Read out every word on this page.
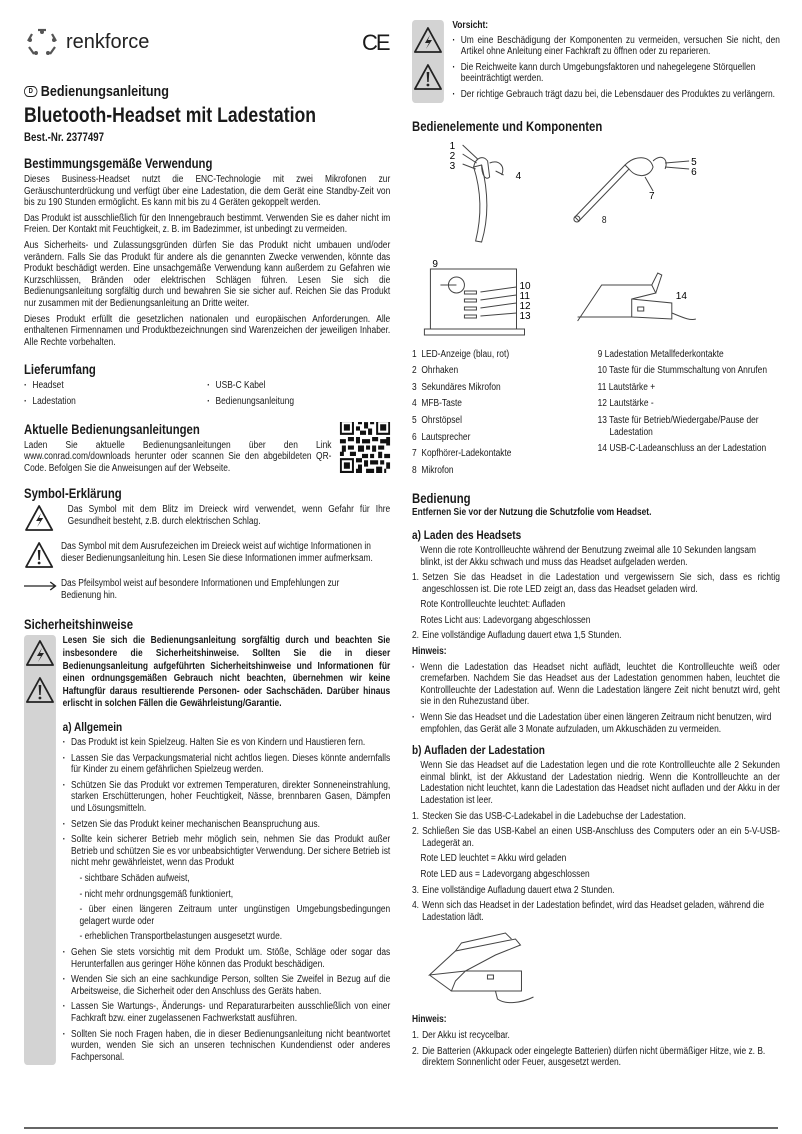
renkforce	CE
D Bedienungsanleitung
Bluetooth-Headset mit Ladestation
Best.-Nr. 2377497
Bestimmungsgemäße Verwendung

Dieses Business-Headset nutzt die ENC-Technologie mit zwei Mikrofonen zur Geräuschunterdrückung und verfügt über eine Ladestation, die dem Gerät eine Standby-Zeit von bis zu 190 Stunden ermöglicht. Es kann mit bis zu 4 Geräten gekoppelt werden.

Das Produkt ist ausschließlich für den Innengebrauch bestimmt. Verwenden Sie es daher nicht im Freien. Der Kontakt mit Feuchtigkeit, z. B. im Badezimmer, ist unbedingt zu vermeiden.

Aus Sicherheits- und Zulassungsgründen dürfen Sie das Produkt nicht umbauen und/oder verändern. Falls Sie das Produkt für andere als die genannten Zwecke verwenden, könnte das Produkt beschädigt werden. Eine unsachgemäße Verwendung kann außerdem zu Gefahren wie Kurzschlüssen, Bränden oder elektrischen Schlägen führen. Lesen Sie sich die Bedienungsanleitung sorgfältig durch und bewahren Sie sie sicher auf. Reichen Sie das Produkt nur zusammen mit der Bedienungsanleitung an Dritte weiter.

Dieses Produkt erfüllt die gesetzlichen nationalen und europäischen Anforderungen. Alle enthaltenen Firmennamen und Produktbezeichnungen sind Warenzeichen der jeweiligen Inhaber. Alle Rechte vorbehalten.

Lieferumfang
· Headset
· Ladestation
· USB-C Kabel
· Bedienungsanleitung
Aktuelle Bedienungsanleitungen

Laden Sie aktuelle Bedienungsanleitungen über den Link www.conrad.com/downloads herunter oder scannen Sie den abgebildeten QR-Code. Befolgen Sie die Anweisungen auf der Webseite.

Symbol-Erklärung

Das Symbol mit dem Blitz im Dreieck wird verwendet, wenn Gefahr für Ihre Gesundheit besteht, z.B. durch elektrischen Schlag.

Das Symbol mit dem Ausrufezeichen im Dreieck weist auf wichtige Informationen in dieser Bedienungsanleitung hin. Lesen Sie diese Informationen immer aufmerksam.

Das Pfeilsymbol weist auf besondere Informationen und Empfehlungen zur Bedienung hin.

Sicherheitshinweise

Lesen Sie sich die Bedienungsanleitung sorgfältig durch und beachten Sie insbesondere die Sicherheitshinweise. Sollten Sie die in dieser Bedienungsanleitung aufgeführten Sicherheitshinweise und Informationen für einen ordnungsgemäßen Gebrauch nicht beachten, übernehmen wir keine Haftungfür daraus resultierende Personen- oder Sachschäden. Darüber hinaus erlischt in solchen Fällen die Gewährleistung/Garantie.

a) Allgemein
· Das Produkt ist kein Spielzeug. Halten Sie es von Kindern und Haustieren fern.
· Lassen Sie das Verpackungsmaterial nicht achtlos liegen. Dieses könnte andernfalls für Kinder zu einem gefährlichen Spielzeug werden.
· Schützen Sie das Produkt vor extremen Temperaturen, direkter Sonneneinstrahlung, starken Erschütterungen, hoher Feuchtigkeit, Nässe, brennbaren Gasen, Dämpfen und Lösungsmitteln.
· Setzen Sie das Produkt keiner mechanischen Beanspruchung aus.
· Sollte kein sicherer Betrieb mehr möglich sein, nehmen Sie das Produkt außer Betrieb und schützen Sie es vor unbeabsichtigter Verwendung. Der sichere Betrieb ist nicht mehr gewährleistet, wenn das Produkt
- sichtbare Schäden aufweist,
- nicht mehr ordnungsgemäß funktioniert,
- über einen längeren Zeitraum unter ungünstigen Umgebungsbedingungen gelagert wurde oder
- erheblichen Transportbelastungen ausgesetzt wurde.
· Gehen Sie stets vorsichtig mit dem Produkt um. Stöße, Schläge oder sogar das Herunterfallen aus geringer Höhe können das Produkt beschädigen.
· Wenden Sie sich an eine sachkundige Person, sollten Sie Zweifel in Bezug auf die Arbeitsweise, die Sicherheit oder den Anschluss des Geräts haben.
· Lassen Sie Wartungs-, Änderungs- und Reparaturarbeiten ausschließlich von einer Fachkraft bzw. einer zugelassenen Fachwerkstatt ausführen.
· Sollten Sie noch Fragen haben, die in dieser Bedienungsanleitung nicht beantwortet wurden, wenden Sie sich an unseren technischen Kundendienst oder anderes Fachpersonal.
Vorsicht:
· Um eine Beschädigung der Komponenten zu vermeiden, versuchen Sie nicht, den Artikel ohne Anleitung einer Fachkraft zu öffnen oder zu reparieren.
· Die Reichweite kann durch Umgebungsfaktoren und nahegelegene Störquellen beeinträchtigt werden.
· Der richtige Gebrauch trägt dazu bei, die Lebensdauer des Produktes zu verlängern.
Bedienelemente und Komponenten
1
2
3
4
5
6
7
8
9
10
11
12
13
14
1  LED-Anzeige (blau, rot)
2  Ohrhaken
3  Sekundäres Mikrofon
4  MFB-Taste
5  Ohrstöpsel
6  Lautsprecher
7  Kopfhörer-Ladekontakte
8  Mikrofon
9 Ladestation Metallfederkontakte
10 Taste für die Stummschaltung von Anrufen
11 Lautstärke +
12 Lautstärke -
13 Taste für Betrieb/Wiedergabe/Pause der Ladestation
14 USB-C-Ladeanschluss an der Ladestation
Bedienung
Entfernen Sie vor der Nutzung die Schutzfolie vom Headset.
a) Laden des Headsets

Wenn die rote Kontrollleuchte während der Benutzung zweimal alle 10 Sekunden langsam blinkt, ist der Akku schwach und muss das Headset aufgeladen werden.

1. Setzen Sie das Headset in die Ladestation und vergewissern Sie sich, dass es richtig angeschlossen ist. Die rote LED zeigt an, dass das Headset geladen wird.
Rote Kontrollleuchte leuchtet: Aufladen
Rotes Licht aus: Ladevorgang abgeschlossen
2. Eine vollständige Aufladung dauert etwa 1,5 Stunden.
Hinweis:
· Wenn die Ladestation das Headset nicht auflädt, leuchtet die Kontrollleuchte weiß oder cremefarben. Nachdem Sie das Headset aus der Ladestation genommen haben, leuchtet die Kontrollleuchte der Ladestation auf. Wenn die Ladestation längere Zeit nicht benutzt wird, geht sie in den Ruhezustand über.
· Wenn Sie das Headset und die Ladestation über einen längeren Zeitraum nicht benutzen, wird empfohlen, das Gerät alle 3 Monate aufzuladen, um Akkuschäden zu vermeiden.
b) Aufladen der Ladestation

Wenn Sie das Headset auf die Ladestation legen und die rote Kontrollleuchte alle 2 Sekunden einmal blinkt, ist der Akkustand der Ladestation niedrig. Wenn die Kontrollleuchte an der Ladestation nicht leuchtet, kann die Ladestation das Headset nicht aufladen und der Akku in der Ladestation ist leer.

1. Stecken Sie das USB-C-Ladekabel in die Ladebuchse der Ladestation.
2. Schließen Sie das USB-Kabel an einen USB-Anschluss des Computers oder an ein 5-V-USB-Ladegerät an.
Rote LED leuchtet = Akku wird geladen
Rote LED aus = Ladevorgang abgeschlossen
3. Eine vollständige Aufladung dauert etwa 2 Stunden.
4. Wenn sich das Headset in der Ladestation befindet, wird das Headset geladen, während die Ladestation lädt.
Hinweis:
1. Der Akku ist recycelbar.
2. Die Batterien (Akkupack oder eingelegte Batterien) dürfen nicht übermäßiger Hitze, wie z. B. direktem Sonnenlicht oder Feuer, ausgesetzt werden.
